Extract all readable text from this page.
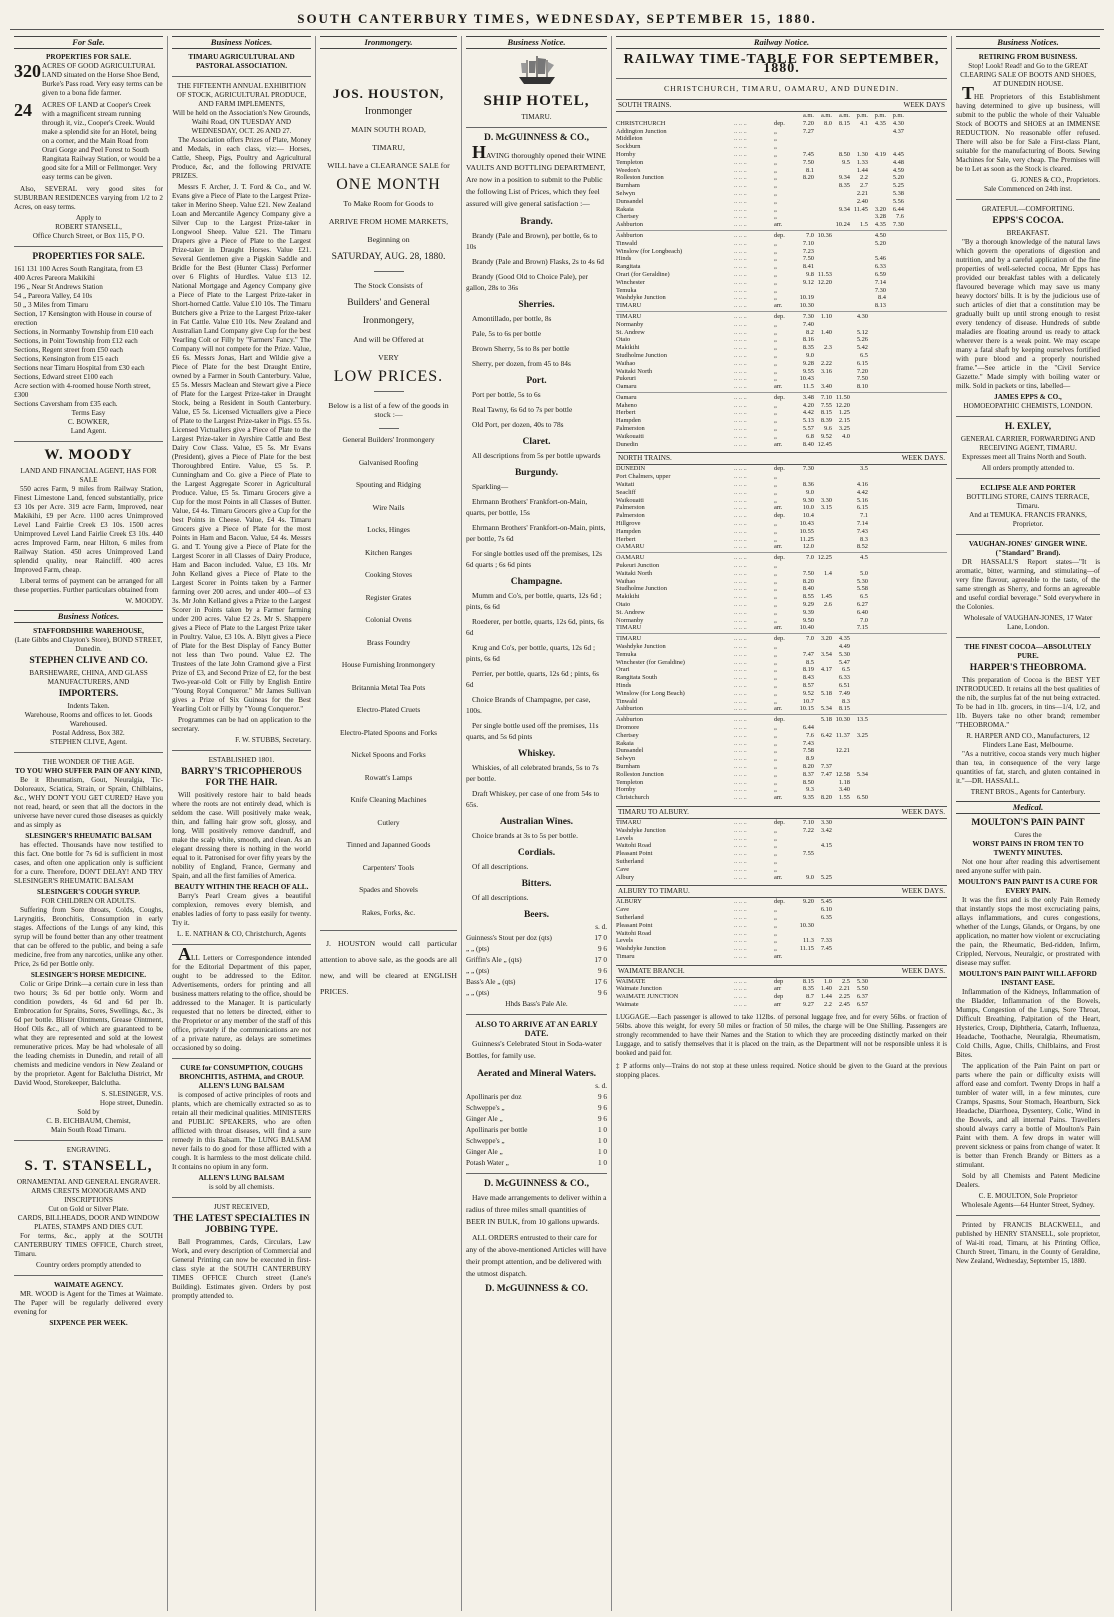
SOUTH CANTERBURY TIMES, WEDNESDAY, SEPTEMBER 15, 1880.
For Sale.
PROPERTIES FOR SALE.
320 ACRES OF GOOD AGRICULTURAL LAND situated on the Horse Shoe Bend, Burke's Pass road. Very easy terms can be given to a bona fide farmer.
24	ACRES OF LAND at Cooper's Creek with a magnificent stream running through it, viz., Cooper's Creek. Would make a splendid site for an Hotel, being on a corner, and the Main Road from Orari Gorge and Peel Forest to South Rangitata Railway Station, or would be a good site for a Mill or Fellmonger. Very easy terms can be given.

Also, SEVERAL very good sites for SUBURBAN RESIDENCES varying from 1/2 to 2 Acres, on easy terms.

Apply to
ROBERT STANSELL,
Office Church Street, or Box 115, P O.
PROPERTIES FOR SALE.
161 131 100 Acres South Rangitata, from £3
400 Acres Pareora Makikihi
196 „ Near St Andrews Station
54 „ Pareora Valley, £4 10s
50 „ 3 Miles from Timaru
Section, 17 Kensington with House in course of erection
Sections, in Normanby Township from £10 each
Sections, in Point Township from £12 each
Sections, Regent street from £50 each
Sections, Kensington from £15 each
Sections near Timaru Hospital from £30 each
Sections, Edward street £100 each
Acre section with 4-roomed house North street, £300
Sections Caversham from £35 each.
Terms Easy
C. BOWKER,
Land Agent.
W. MOODY
LAND AND FINANCIAL AGENT, HAS FOR SALE

550 acres Farm, 9 miles from Railway Station, Finest Limestone Land, fenced substantially, price £3 10s per Acre. 319 acre Farm, Improved, near Makikihi, £9 per Acre. 1100 acres Unimproved Level Land Fairlie Creek £3 10s. 1500 acres Unimproved Level Land Fairlie Creek £3 10s. 440 acres Improved Farm, near Hilton, 6 miles from Railway Station. 450 acres Unimproved Land splendid quality, near Raincliff. 400 acres Improved Farm, cheap.

Liberal terms of payment can be arranged for all these properties. Further particulars obtained from

W. MOODY.
Business Notices.
STAFFORDSHIRE WAREHOUSE,
(Late Gibbs and Clayton's Store), BOND STREET, Dunedin.
STEPHEN CLIVE AND CO.
BARSHEWARE, CHINA, AND GLASS MANUFACTURERS, AND
IMPORTERS.
Indents Taken.
Warehouse, Rooms and offices to let. Goods Warehoused.
Postal Address, Box 382.
STEPHEN CLIVE, Agent.
THE WONDER OF THE AGE.
TO YOU WHO SUFFER PAIN OF ANY KIND,

Be it Rheumatism, Gout, Neuralgia, Tic-Doloreaux, Sciatica, Strain, or Sprain, Chilblains, &c., WHY DON'T YOU GET CURED? Have you not read, heard, or seen that all the doctors in the universe have never cured those diseases as quickly and as simply as

SLESINGER'S RHEUMATIC BALSAM

has effected. Thousands have now testified to this fact. One bottle for 7s 6d is sufficient in most cases, and often one application only is sufficient for a cure. Therefore, DON'T DELAY! AND TRY SLESINGER'S RHEUMATIC BALSAM

SLESINGER'S COUGH SYRUP.
FOR CHILDREN OR ADULTS.

Suffering from Sore throats, Colds, Coughs, Laryngitis, Bronchitis, Consumption in early stages. Affections of the Lungs of any kind, this syrup will be found better than any other treatment that can be offered to the public, and being a safe medicine, free from any narcotics, unlike any other. Price, 2s 6d per Bottle only.

SLESINGER'S HORSE MEDICINE.

Colic or Gripe Drink—a certain cure in less than two hours; 3s 6d per bottle only. Worm and condition powders, 4s 6d and 6d per lb. Embrocation for Sprains, Sores, Swellings, &c., 3s 6d per bottle. Blister Ointments, Grease Ointment, Hoof Oils &c., all of which are guaranteed to be what they are represented and sold at the lowest remunerative prices. May be had wholesale of all the leading chemists in Dunedin, and retail of all chemists and medicine vendors in New Zealand or by the proprietor. Agent for Balclutha District, Mr David Wood, Storekeeper, Balclutha.

S. SLESINGER, V.S.
Hope street, Dunedin.
Sold by
C. B. EICHBAUM, Chemist,
Main South Road Timaru.
ENGRAVING.
S. T. STANSELL,
ORNAMENTAL AND GENERAL ENGRAVER.
ARMS CRESTS MONOGRAMS AND INSCRIPTIONS
Cut on Gold or Silver Plate.
CARDS, BILLHEADS, DOOR AND WINDOW PLATES, STAMPS AND DIES CUT.

For terms, &c., apply at the SOUTH CANTERBURY TIMES OFFICE, Church street, Timaru.

Country orders promptly attended to
WAIMATE AGENCY.

MR. WOOD is Agent for the Times at Waimate. The Paper will be regularly delivered every evening for

SIXPENCE PER WEEK.
Business Notices.
TIMARU AGRICULTURAL AND PASTORAL ASSOCIATION.
THE FIFTEENTH ANNUAL EXHIBITION OF STOCK, AGRICULTURAL PRODUCE, AND FARM IMPLEMENTS,
Will be held on the Association's New Grounds, Waihi Road, ON TUESDAY AND WEDNESDAY, OCT. 26 AND 27.

The Association offers Prizes of Plate, Money and Medals, in each class, viz:— Horses, Cattle, Sheep, Pigs, Poultry and Agricultural Produce, &c, and the following PRIVATE PRIZES.

Messrs F. Archer, J. T. Ford & Co., and W. Evans give a Piece of Plate to the Largest Prize-taker in Merino Sheep. Value £21. New Zealand Loan and Mercantile Agency Company give a Silver Cup to the Largest Prize-taker in Longwool Sheep. Value £21. The Timaru Drapers give a Piece of Plate to the Largest Prize-taker in Draught Horses. Value £21. Several Gentlemen give a Pigskin Saddle and Bridle for the Best (Hunter Class) Performer over 6 Flights of Hurdles. Value £13 12. National Mortgage and Agency Company give a Piece of Plate to the Largest Prize-taker in Short-horned Cattle. Value £10 10s. The Timaru Butchers give a Prize to the Largest Prize-taker in Fat Cattle. Value £10 10s. New Zealand and Australian Land Company give Cup for the best Yearling Colt or Filly by "Farmers' Fancy." The Company will not compete for the Prize. Value, £6 6s. Messrs Jonas, Hart and Wildie give a Piece of Plate for the best Draught Entire, owned by a Farmer in South Canterbury. Value, £5 5s. Messrs Maclean and Stewart give a Piece of Plate for the Largest Prize-taker in Draught Stock, being a Resident in South Canterbury. Value, £5 5s. Licensed Victuallers give a Piece of Plate to the Largest Prize-taker in Pigs. £5 5s. Licensed Victuallers give a Piece of Plate to the Largest Prize-taker in Ayrshire Cattle and Best Dairy Cow Class. Value, £5 5s. Mr Evans (President), gives a Piece of Plate for the best Thoroughbred Entire. Value, £5 5s. P. Cunningham and Co. give a Piece of Plate to the Largest Aggregate Scorer in Agricultural Produce. Value, £5 5s. Timaru Grocers give a Cup for the most Points in all Classes of Butter. Value, £4 4s. Timaru Grocers give a Cup for the best Points in Cheese. Value, £4 4s. Timaru Grocers give a Piece of Plate for the most Points in Ham and Bacon. Value, £4 4s. Messrs G. and T. Young give a Piece of Plate for the Largest Scorer in all Classes of Dairy Produce, Ham and Bacon included. Value, £3 10s. Mr John Kelland gives a Piece of Plate to the Largest Scorer in Points taken by a Farmer farming over 200 acres, and under 400—of £3 3s. Mr John Kelland gives a Prize to the Largest Scorer in Points taken by a Farmer farming under 200 acres. Value £2 2s. Mr S. Shappere gives a Piece of Plate to the Largest Prize taker in Poultry. Value, £3 10s. A. Blytt gives a Piece of Plate for the Best Display of Fancy Butter not less than Two pound. Value £2. The Trustees of the late John Cramond give a First Prize of £3, and Second Prize of £2, for the best Two-year-old Colt or Filly by English Entire "Young Royal Conqueror." Mr James Sullivan gives a Prize of Six Guineas for the Best Yearling Colt or Filly by "Young Conqueror."

Programmes can be had on application to the secretary.

F. W. STUBBS, Secretary.
ESTABLISHED 1801.
BARRY'S TRICOPHEROUS FOR THE HAIR.

Will positively restore hair to bald heads where the roots are not entirely dead, which is seldom the case. Will positively make weak, thin, and falling hair grow soft, glossy, and long. Will positively remove dandruff, and make the scalp white, smooth, and clean. As an elegant dressing there is nothing in the world equal to it. Patronised for over fifty years by the nobility of England, France, Germany and Spain, and all the first families of America.

BEAUTY WITHIN THE REACH OF ALL.

Barry's Pearl Cream gives a beautiful complexion, removes every blemish, and enables ladies of forty to pass easily for twenty. Try it.

L. E. NATHAN & CO, Christchurch, Agents

ALL Letters or Correspondence intended for the Editorial Department of this paper, ought to be addressed to the Editor. Advertisements, orders for printing and all business matters relating to the office, should be addressed to the Manager. It is particularly requested that no letters be directed, either to the Proprietor or any member of the staff of this office, privately if the communications are not of a private nature, as delays are sometimes occasioned by so doing.

CURE for CONSUMPTION, COUGHS BRONCHITIS, ASTHMA, and CROUP.
ALLEN'S LUNG BALSAM

is composed of active principles of roots and plants, which are chemically extracted so as to retain all their medicinal qualities. MINISTERS and PUBLIC SPEAKERS, who are often afflicted with throat diseases, will find a sure remedy in this Balsam. The LUNG BALSAM never fails to do good for those afflicted with a cough. It is harmless to the most delicate child. It contains no opium in any form.

ALLEN'S LUNG BALSAM
is sold by all chemists.
JUST RECEIVED,
THE LATEST SPECIALTIES IN JOBBING TYPE.

Ball Programmes, Cards, Circulars, Law Work, and every description of Commercial and General Printing can now be executed in first-class style at the SOUTH CANTERBURY TIMES OFFICE Church street (Lane's Building). Estimates given. Orders by post promptly attended to.

Ironmongery.
JOS. HOUSTON,
Ironmonger
MAIN SOUTH ROAD,
TIMARU,
WILL have a CLEARANCE SALE for
ONE MONTH
To Make Room for Goods to
ARRIVE FROM HOME MARKETS,
Beginning on
SATURDAY, AUG. 28, 1880.
The Stock Consists of
Builders' and General
Ironmongery,
And will be Offered at
VERY
LOW PRICES.
Below is a list of a few of the goods in stock :—
General Builders' Ironmongery
Galvanised Roofing
Spouting and Ridging
Wire Nails
Locks, Hinges
Kitchen Ranges
Cooking Stoves
Register Grates
Colonial Ovens
Brass Foundry
House Furnishing Ironmongery
Britannia Metal Tea Pots
Electro-Plated Cruets
Electro-Plated Spoons and Forks
Nickel Spoons and Forks
Rowatt's Lamps
Knife Cleaning Machines
Cutlery
Tinned and Japanned Goods
Carpenters' Tools
Spades and Shovels
Rakes, Forks, &c.
J. HOUSTON would call particular attention to above sale, as the goods are all new, and will be cleared at ENGLISH PRICES.
Business Notice.
SHIP HOTEL,
TIMARU.
D. McGUINNESS & CO.,

HAVING thoroughly opened their WINE VAULTS AND BOTTLING DEPARTMENT, Are now in a position to submit to the Public the following List of Prices, which they feel assured will give general satisfaction :—

Brandy.

Brandy (Pale and Brown), per bottle, 6s to 10s

Brandy (Pale and Brown) Flasks, 2s to 4s 6d

Brandy (Good Old to Choice Pale), per gallon, 28s to 36s

Sherries.

Amontillado, per bottle, 8s

Pale, 5s to 6s per bottle

Brown Sherry, 5s to 8s per bottle

Sherry, per dozen, from 45 to 84s

Port.

Port per bottle, 5s to 6s

Real Tawny, 6s 6d to 7s per bottle

Old Port, per dozen, 40s to 78s

Claret.

All descriptions from 5s per bottle upwards

Burgundy.

Sparkling—

Ehrmann Brothers' Frankfort-on-Main, quarts, per bottle, 15s

Ehrmann Brothers' Frankfort-on-Main, pints, per bottle, 7s 6d

For single bottles used off the premises, 12s 6d quarts ; 6s 6d pints

Champagne.

Mumm and Co's, per bottle, quarts, 12s 6d ; pints, 6s 6d

Roederer, per bottle, quarts, 12s 6d, pints, 6s 6d

Krug and Co's, per bottle, quarts, 12s 6d ; pints, 6s 6d

Perrier, per bottle, quarts, 12s 6d ; pints, 6s 6d

Choice Brands of Champagne, per case, 100s.

Per single bottle used off the premises, 11s quarts, and 5s 6d pints

Whiskey.

Whiskies, of all celebrated brands, 5s to 7s per bottle.

Draft Whiskey, per case of one from 54s to 65s.

Australian Wines.

Choice brands at 3s to 5s per bottle.

Cordials.

Of all descriptions.

Bitters.

Of all descriptions.

Beers.
s. d.
Guinness's Stout per doz (qts)	17 0
„ „ (pts)	9 6
Griffin's Ale „ (qts)	17 0
„ „ (pts)	9 6
Bass's Ale „ (qts)	17 6
„ „ (pts)	9 6
Hhds Bass's Pale Ale.
ALSO TO ARRIVE AT AN EARLY DATE.

Guinness's Celebrated Stout in Soda-water Bottles, for family use.

Aerated and Mineral Waters.
s. d.
Apollinaris per doz	9 6
Schweppe's „	9 6
Ginger Ale „	9 6
Apollinaris per bottle	1 0
Schweppe's „	1 0
Ginger Ale „	1 0
Potash Water „	1 0
D. McGUINNESS & CO.,

Have made arrangements to deliver within a radius of three miles small quantities of BEER IN BULK, from 10 gallons upwards.

ALL ORDERS entrusted to their care for any of the above-mentioned Articles will have their prompt attention, and be delivered with the utmost dispatch.

D. McGUINNESS & CO.
Railway Notice.
RAILWAY TIME-TABLE FOR SEPTEMBER, 1880.
CHRISTCHURCH, TIMARU, OAMARU, AND DUNEDIN.
SOUTH TRAINS.	WEEK DAYS
a.m.	a.m.	a.m.	p.m.	p.m.	p.m.
CHRISTCHURCH	.. .. ..	dep.	7.20	8.0	8.15	4.1	4.35	4.30
Addington Junction	.. .. ..	„	7.27	4.37
Middleton	.. .. ..	„
Sockburn	.. .. ..	„
Hornby	.. .. ..	„	7.45	8.50	1.30	4.19	4.45
Templeton	.. .. ..	„	7.50	9.5	1.33	4.48
Weedon's	.. .. ..	„	8.1	1.44	4.59
Rolleston Junction	.. .. ..	„	8.20	9.34	2.2	5.20
Burnham	.. .. ..	„	8.35	2.7	5.25
Selwyn	.. .. ..	„	2.21	5.38
Dunsandel	.. .. ..	„	2.40	5.56
Rakaia	.. .. ..	„	9.34 11.45	3.20	6.44
Chertsey	.. .. ..	„	3.28	7.6
Ashburton	.. .. ..	arr.	10.24	1.5	4.35	7.30
Ashburton	.. .. ..	dep.	7.0 10.36	4.50
Tinwald	.. .. ..	„	7.10	5.20
Winslow (for Longbeach)	.. .. ..	„	7.23
Hinds	.. .. ..	„	7.50	5.46
Rangitata	.. .. ..	„	8.41	6.33
Orari (for Geraldine)	.. .. ..	„	9.8 11.53	6.59
Winchester	.. .. ..	„	9.12 12.20	7.14
Temuka	.. .. ..	„	7.30
Washdyke Junction	.. .. ..	„	10.19	8.4
TIMARU	.. .. ..	arr.	10.30	8.13
TIMARU	.. .. ..	dep.	7.30	1.10	4.30
Normanby	.. .. ..	„	7.40
St. Andrew	.. .. ..	„	8.2	1.40	5.12
Otaio	.. .. ..	„	8.16	5.26
Makikihi	.. .. ..	„	8.35	2.3	5.42
Studholme Junction	.. .. ..	„	9.0	6.5
Waihao	.. .. ..	„	9.28	2.22	6.15
Waitaki North	.. .. ..	„	9.55	3.16	7.20
Pukeuri	.. .. ..	„	10.43	7.50
Oamaru	.. .. ..	arr.	11.5	3.40	8.10
Oamaru	.. .. ..	dep.	3.48	7.10 11.50
Maheno	.. .. ..	„	4.20	7.55 12.20
Herbert	.. .. ..	„	4.42	8.15	1.25
Hampden	.. .. ..	„	5.13	8.39	2.15
Palmerston	.. .. ..	„	5.57	9.6	3.25
Waikouaiti	.. .. ..	„	6.8	9.52	4.0
Dunedin	.. .. ..	arr.	8.40 12.45
NORTH TRAINS.	WEEK DAYS.
DUNEDIN	.. .. ..	dep.	7.30	3.5
Port Chalmers, upper	.. .. ..	„
Waitati	.. .. ..	„	8.36	4.16
Seacliff	.. .. ..	„	9.0	4.42
Waikouaiti	.. .. ..	„	9.30	3.30	5.16
Palmerston	.. .. ..	arr.	10.0	3.15	6.15
Palmerston	.. .. ..	dep.	10.4	7.1
Hillgrove	.. .. ..	„	10.43	7.14
Hampden	.. .. ..	„	10.55	7.43
Herbert	.. .. ..	„	11.25	8.3
OAMARU	.. .. ..	arr.	12.0	8.52
OAMARU	.. .. ..	dep.	7.0 12.25	4.5
Pukeuri Junction	.. .. ..	„
Waitaki North	.. .. ..	„	7.50	1.4	5.0
Waihao	.. .. ..	„	8.20	5.30
Studholme Junction	.. .. ..	„	8.40	5.58
Makikihi	.. .. ..	„	8.55	1.45	6.5
Otaio	.. .. ..	„	9.29	2.6	6.27
St. Andrew	.. .. ..	„	9.39	6.40
Normanby	.. .. ..	„	9.50	7.0
TIMARU	.. .. ..	arr.	10.40	7.15
TIMARU	.. .. ..	dep.	7.0	3.20	4.35
Washdyke Junction	.. .. ..	„	4.49
Temuka	.. .. ..	„	7.47	3.54	5.30
Winchester (for Geraldine)	.. .. ..	„	8.5	5.47
Orari	.. .. ..	„	8.19	4.17	6.5
Rangitata South	.. .. ..	„	8.43	6.33
Hinds	.. .. ..	„	8.57	6.51
Winslow (for Long Beach)	.. .. ..	„	9.52	5.18	7.49
Tinwald	.. .. ..	„	10.7	8.3
Ashburton	.. .. ..	arr.	10.15	5.34	8.15
Ashburton	.. .. ..	dep.	5.18 10.30	13.5
Dromore	.. .. ..	„	6.44
Chertsey	.. .. ..	„	7.6	6.42 11.37	3.25
Rakaia	.. .. ..	„	7.43
Dunsandel	.. .. ..	„	7.58	12.21
Selwyn	.. .. ..	„	8.9
Burnham	.. .. ..	„	8.20	7.37
Rolleston Junction	.. .. ..	„	8.37	7.47 12.58	5.34
Templeton	.. .. ..	„	8.50	1.18
Hornby	.. .. ..	„	9.3	3.40
Christchurch	.. .. ..	arr.	9.35	8.20	1.55	6.50
TIMARU TO ALBURY.	WEEK DAYS.
TIMARU	.. .. ..	dep.	7.10	3.30
Washdyke Junction	.. .. ..	„	7.22	3.42
Levels	.. .. ..	„
Waitohi Road	.. .. ..	„	4.15
Pleasant Point	.. .. ..	„	7.55
Sutherland	.. .. ..	„
Cave	.. .. ..	„
Albury	.. .. ..	arr.	9.0	5.25
ALBURY TO TIMARU.	WEEK DAYS.
ALBURY	.. .. ..	dep.	9.20	5.45
Cave	.. .. ..	„	6.10
Sutherland	.. .. ..	„	6.35
Pleasant Point	.. .. ..	„	10.30
Waitohi Road	.. .. ..	„
Levels	.. .. ..	„	11.3	7.33
Washdyke Junction	.. .. ..	„	11.15	7.45
Timaru	.. .. ..	arr.
WAIMATE BRANCH.	WEEK DAYS.
WAIMATE	.. .. ..	dep	8.15	1.0	2.5	5.30
Waimate Junction	.. .. ..	arr	8.35	1.40	2.21	5.50
WAIMATE JUNCTION	.. .. ..	dep	8.7	1.44	2.25	6.37
Waimate	.. .. ..	arr	9.27	2.2	2.45	6.57
LUGGAGE.—Each passenger is allowed to take 112lbs. of personal luggage free, and for every 56lbs. or fraction of 56lbs. above this weight, for every 50 miles or fraction of 50 miles, the charge will be One Shilling. Passengers are strongly recommended to have their Names and the Station to which they are proceeding distinctly marked on their Luggage, and to satisfy themselves that it is placed on the train, as the Department will not be responsible unless it is booked and paid for.
‡ P atforms only—Trains do not stop at these unless required. Notice should be given to the Guard at the previous stopping places.
Business Notices.
RETIRING FROM BUSINESS.
Stop! Look! Read! and Go to the GREAT CLEARING SALE OF BOOTS AND SHOES, AT DUNEDIN HOUSE.

THE Proprietors of this Establishment having determined to give up business, will submit to the public the whole of their Valuable Stock of BOOTS and SHOES at an IMMENSE REDUCTION. No reasonable offer refused. There will also be for Sale a First-class Plant, suitable for the manufacturing of Boots. Sewing Machines for Sale, very cheap. The Premises will be to Let as soon as the Stock is cleared.

G. JONES & CO., Proprietors.
Sale Commenced on 24th inst.
GRATEFUL—COMFORTING.
EPPS'S COCOA.
BREAKFAST.

"By a thorough knowledge of the natural laws which govern the operations of digestion and nutrition, and by a careful application of the fine properties of well-selected cocoa, Mr Epps has provided our breakfast tables with a delicately flavoured beverage which may save us many heavy doctors' bills. It is by the judicious use of such articles of diet that a constitution may be gradually built up until strong enough to resist every tendency of disease. Hundreds of subtle maladies are floating around us ready to attack wherever there is a weak point. We may escape many a fatal shaft by keeping ourselves fortified with pure blood and a properly nourished frame."—See article in the "Civil Service Gazette." Made simply with boiling water or milk. Sold in packets or tins, labelled—

JAMES EPPS & CO.,
HOMOEOPATHIC CHEMISTS, LONDON.
H. EXLEY,
GENERAL CARRIER, FORWARDING AND RECEIVING AGENT, TIMARU.

Expresses meet all Trains North and South.

All orders promptly attended to.
ECLIPSE ALE AND PORTER
BOTTLING STORE, CAIN'S TERRACE, Timaru.
And at TEMUKA. FRANCIS FRANKS, Proprietor.
VAUGHAN-JONES' GINGER WINE. ("Standard" Brand).

DR HASSALL'S Report states—"It is aromatic, bitter, warming, and stimulating—of very fine flavour, agreeable to the taste, of the same strength as Sherry, and forms an agreeable and useful cordial beverage." Sold everywhere in the Colonies.

Wholesale of VAUGHAN-JONES, 17 Water Lane, London.
THE FINEST COCOA—ABSOLUTELY PURE.
HARPER'S THEOBROMA.

This preparation of Cocoa is the BEST YET INTRODUCED. It retains all the best qualities of the nib, the surplus fat of the nut being extracted. To be had in 1lb. grocers, in tins—1/4, 1/2, and 1lb. Buyers take no other brand; remember "THEOBROMA."

R. HARPER AND CO., Manufacturers, 12 Flinders Lane East, Melbourne.

"As a nutritive, cocoa stands very much higher than tea, in consequence of the very large quantities of fat, starch, and gluten contained in it."—DR. HASSALL.

TRENT BROS., Agents for Canterbury.
Medical.
MOULTON'S PAIN PAINT
Cures the
WORST PAINS IN FROM TEN TO TWENTY MINUTES.

Not one hour after reading this advertisement need anyone suffer with pain.

MOULTON'S PAIN PAINT IS A CURE FOR EVERY PAIN.

It was the first and is the only Pain Remedy that instantly stops the most excruciating pains, allays inflammations, and cures congestions, whether of the Lungs, Glands, or Organs, by one application, no matter how violent or excruciating the pain, the Rheumatic, Bed-ridden, Infirm, Crippled, Nervous, Neuralgic, or prostrated with disease may suffer.

MOULTON'S PAIN PAINT WILL AFFORD INSTANT EASE.

Inflammation of the Kidneys, Inflammation of the Bladder, Inflammation of the Bowels, Mumps, Congestion of the Lungs, Sore Throat, Difficult Breathing, Palpitation of the Heart, Hysterics, Croup, Diphtheria, Catarrh, Influenza, Headache, Toothache, Neuralgia, Rheumatism, Cold Chills, Ague, Chills, Chilblains, and Frost Bites.

The application of the Pain Paint on part or parts where the pain or difficulty exists will afford ease and comfort. Twenty Drops in half a tumbler of water will, in a few minutes, cure Cramps, Spasms, Sour Stomach, Heartburn, Sick Headache, Diarrhoea, Dysentery, Colic, Wind in the Bowels, and all internal Pains. Travellers should always carry a bottle of Moulton's Pain Paint with them. A few drops in water will prevent sickness or pains from change of water. It is better than French Brandy or Bitters as a stimulant.

Sold by all Chemists and Patent Medicine Dealers.

C. E. MOULTON, Sole Proprietor
Wholesale Agents—64 Hunter Street, Sydney.

Printed by FRANCIS BLACKWELL, and published by HENRY STANSELL, sole proprietor, of Wai-iti road, Timaru, at his Printing Office, Church Street, Timaru, in the County of Geraldine, New Zealand, Wednesday, September 15, 1880.
